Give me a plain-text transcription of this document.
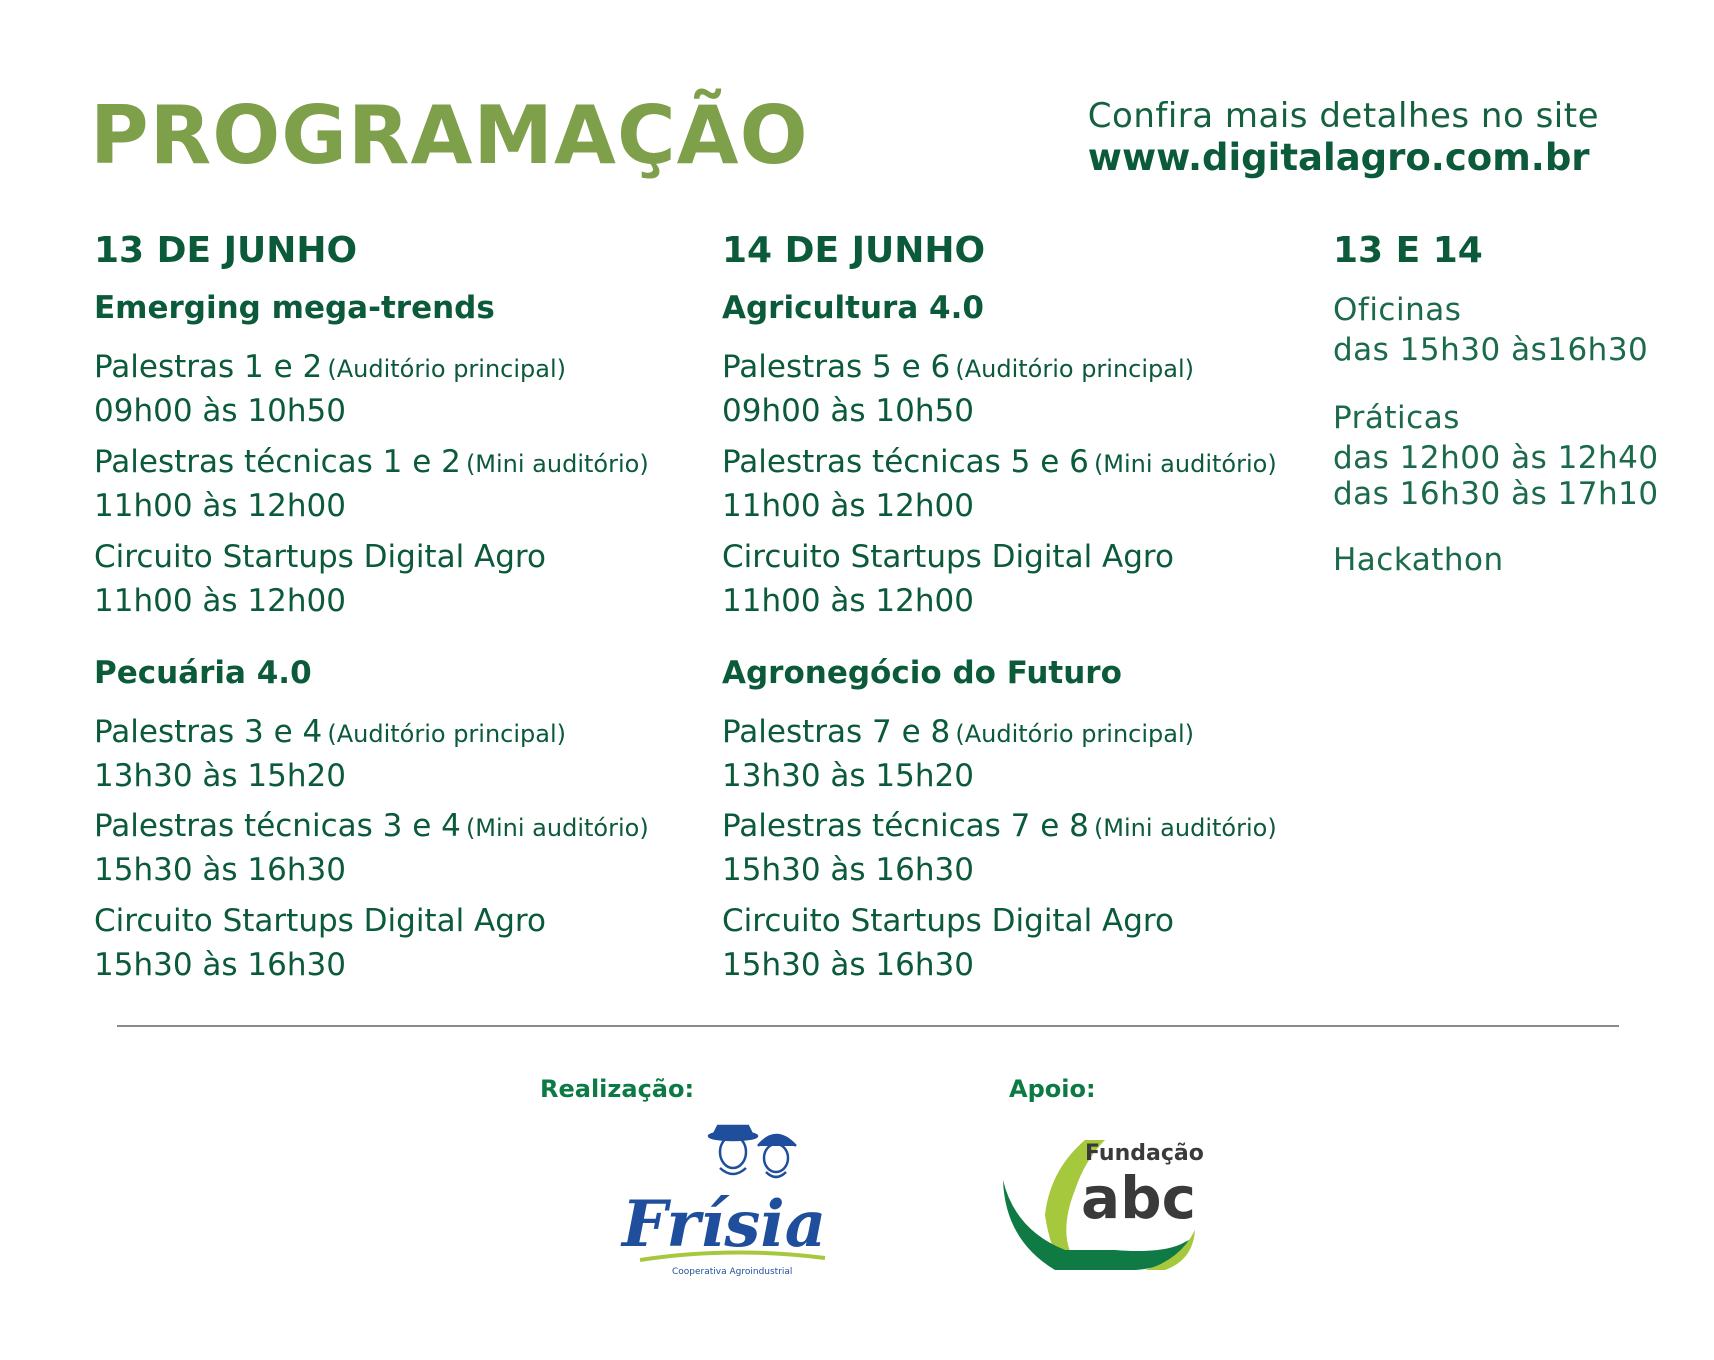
PROGRAMAÇÃO	Confira mais detalhes no site
www.digitalagro.com.br
13 DE JUNHO
Emerging mega-trends
Palestras 1 e 2 (Auditório principal)
09h00 às 10h50
Palestras técnicas 1 e 2 (Mini auditório)
11h00 às 12h00
Circuito Startups Digital Agro
11h00 às 12h00
Pecuária 4.0
Palestras 3 e 4 (Auditório principal)
13h30 às 15h20
Palestras técnicas 3 e 4 (Mini auditório)
15h30 às 16h30
Circuito Startups Digital Agro
15h30 às 16h30
14 DE JUNHO
Agricultura 4.0
Palestras 5 e 6 (Auditório principal)
09h00 às 10h50
Palestras técnicas 5 e 6 (Mini auditório)
11h00 às 12h00
Circuito Startups Digital Agro
11h00 às 12h00
Agronegócio do Futuro
Palestras 7 e 8 (Auditório principal)
13h30 às 15h20
Palestras técnicas 7 e 8 (Mini auditório)
15h30 às 16h30
Circuito Startups Digital Agro
15h30 às 16h30
13 E 14
Oficinas
das 15h30 às16h30
Práticas
das 12h00 às 12h40
das 16h30 às 17h10
Hackathon
Realização:	Apoio:
Frísia
Cooperativa Agroindustrial
Fundação
abc
